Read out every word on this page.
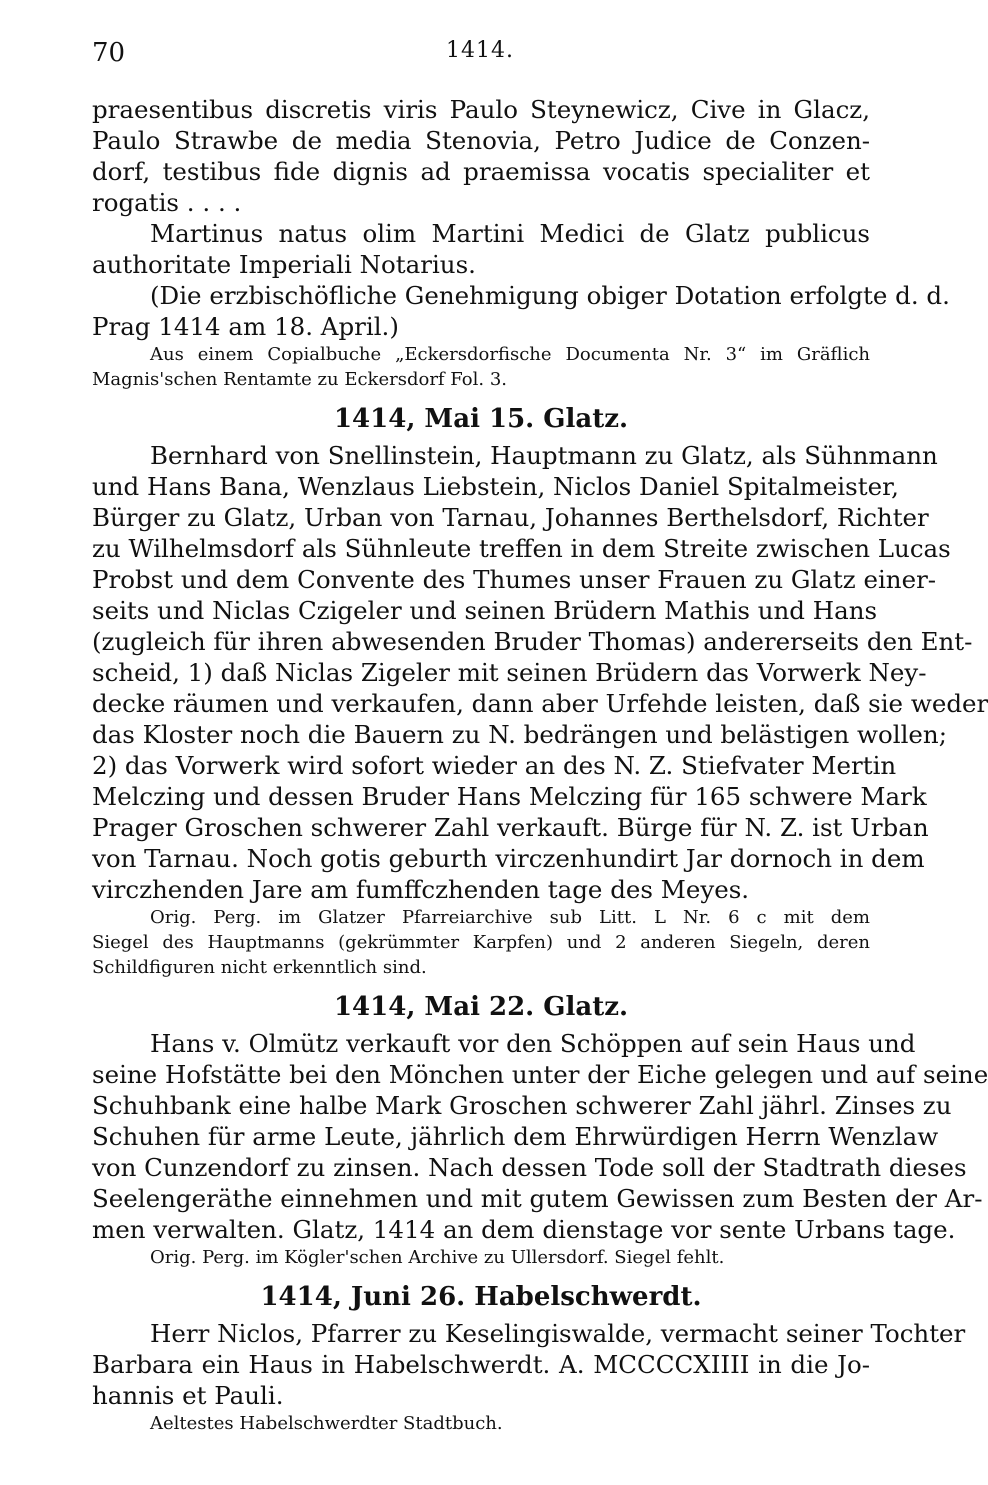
70	1414.
praesentibus discretis viris Paulo Steynewicz, Cive in Glacz,
Paulo Strawbe de media Stenovia, Petro Judice de Conzen-
dorf, testibus fide dignis ad praemissa vocatis specialiter et
rogatis . . . .
Martinus natus olim Martini Medici de Glatz publicus
authoritate Imperiali Notarius.
(Die erzbischöfliche Genehmigung obiger Dotation erfolgte d. d.
Prag 1414 am 18. April.)
Aus einem Copialbuche „Eckersdorfische Documenta Nr. 3“ im Gräflich
Magnis'schen Rentamte zu Eckersdorf Fol. 3.
1414, Mai 15. Glatz.
Bernhard von Snellinstein, Hauptmann zu Glatz, als Sühnmann
und Hans Bana, Wenzlaus Liebstein, Niclos Daniel Spitalmeister,
Bürger zu Glatz, Urban von Tarnau, Johannes Berthelsdorf, Richter
zu Wilhelmsdorf als Sühnleute treffen in dem Streite zwischen Lucas
Probst und dem Convente des Thumes unser Frauen zu Glatz einer-
seits und Niclas Czigeler und seinen Brüdern Mathis und Hans
(zugleich für ihren abwesenden Bruder Thomas) andererseits den Ent-
scheid, 1) daß Niclas Zigeler mit seinen Brüdern das Vorwerk Ney-
decke räumen und verkaufen, dann aber Urfehde leisten, daß sie weder
das Kloster noch die Bauern zu N. bedrängen und belästigen wollen;
2) das Vorwerk wird sofort wieder an des N. Z. Stiefvater Mertin
Melczing und dessen Bruder Hans Melczing für 165 schwere Mark
Prager Groschen schwerer Zahl verkauft. Bürge für N. Z. ist Urban
von Tarnau. Noch gotis geburth virczenhundirt Jar dornoch in dem
virczhenden Jare am fumffczhenden tage des Meyes.
Orig. Perg. im Glatzer Pfarreiarchive sub Litt. L Nr. 6 c mit dem
Siegel des Hauptmanns (gekrümmter Karpfen) und 2 anderen Siegeln, deren
Schildfiguren nicht erkenntlich sind.
1414, Mai 22. Glatz.
Hans v. Olmütz verkauft vor den Schöppen auf sein Haus und
seine Hofstätte bei den Mönchen unter der Eiche gelegen und auf seine
Schuhbank eine halbe Mark Groschen schwerer Zahl jährl. Zinses zu
Schuhen für arme Leute, jährlich dem Ehrwürdigen Herrn Wenzlaw
von Cunzendorf zu zinsen. Nach dessen Tode soll der Stadtrath dieses
Seelengeräthe einnehmen und mit gutem Gewissen zum Besten der Ar-
men verwalten. Glatz, 1414 an dem dienstage vor sente Urbans tage.
Orig. Perg. im Kögler'schen Archive zu Ullersdorf. Siegel fehlt.
1414, Juni 26. Habelschwerdt.
Herr Niclos, Pfarrer zu Keselingiswalde, vermacht seiner Tochter
Barbara ein Haus in Habelschwerdt. A. MCCCCXIIII in die Jo-
hannis et Pauli.
Aeltestes Habelschwerdter Stadtbuch.
